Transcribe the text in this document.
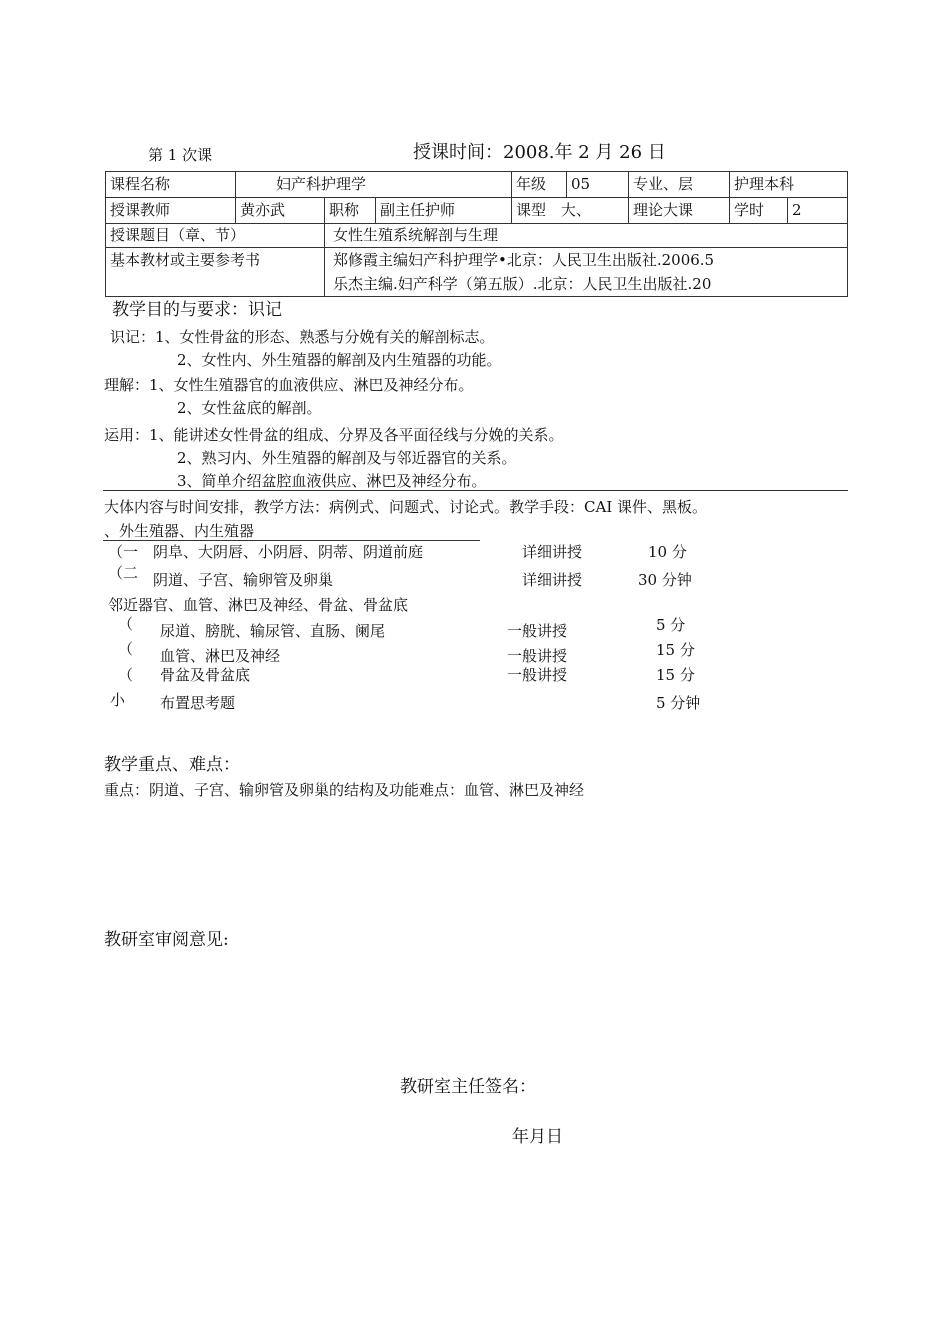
第 1 次课	授课时间：2008.年 2 月 26 日
课程名称	妇产科护理学			年级	05	专业、层	护理本科	
授课教师	黄亦武	职称	副主任护师	课型 大、		理论大课	学时	2
授课题目（章、节）		女性生殖系统解剖与生理						
基本教材或主要参考书		郑修霞主编妇产科护理学•北京：人民卫生出版社.2006.5
乐杰主编.妇产科学（第五版）.北京：人民卫生出版社.20						
教学目的与要求：识记
识记：1、女性骨盆的形态、熟悉与分娩有关的解剖标志。
2、女性内、外生殖器的解剖及内生殖器的功能。
理解：1、女性生殖器官的血液供应、淋巴及神经分布。
2、女性盆底的解剖。
运用：1、能讲述女性骨盆的组成、分界及各平面径线与分娩的关系。
2、熟习内、外生殖器的解剖及与邻近器官的关系。
3、简单介绍盆腔血液供应、淋巴及神经分布。
大体内容与时间安排，教学方法：病例式、问题式、讨论式。教学手段：CAI 课件、黑板。
、外生殖器、内生殖器
（一 阴阜、大阴唇、小阴唇、阴蒂、阴道前庭	详细讲授	10 分
（二 阴道、子宫、输卵管及卵巢	详细讲授	30 分钟
邻近器官、血管、淋巴及神经、骨盆、骨盆底
（ 尿道、膀胱、输尿管、直肠、阑尾	一般讲授	5 分
（ 血管、淋巴及神经	一般讲授	15 分
（ 骨盆及骨盆底	一般讲授	15 分
小 布置思考题	5 分钟
教学重点、难点：
重点：阴道、子宫、输卵管及卵巢的结构及功能难点：血管、淋巴及神经
教研室审阅意见:
教研室主任签名：
年月日
